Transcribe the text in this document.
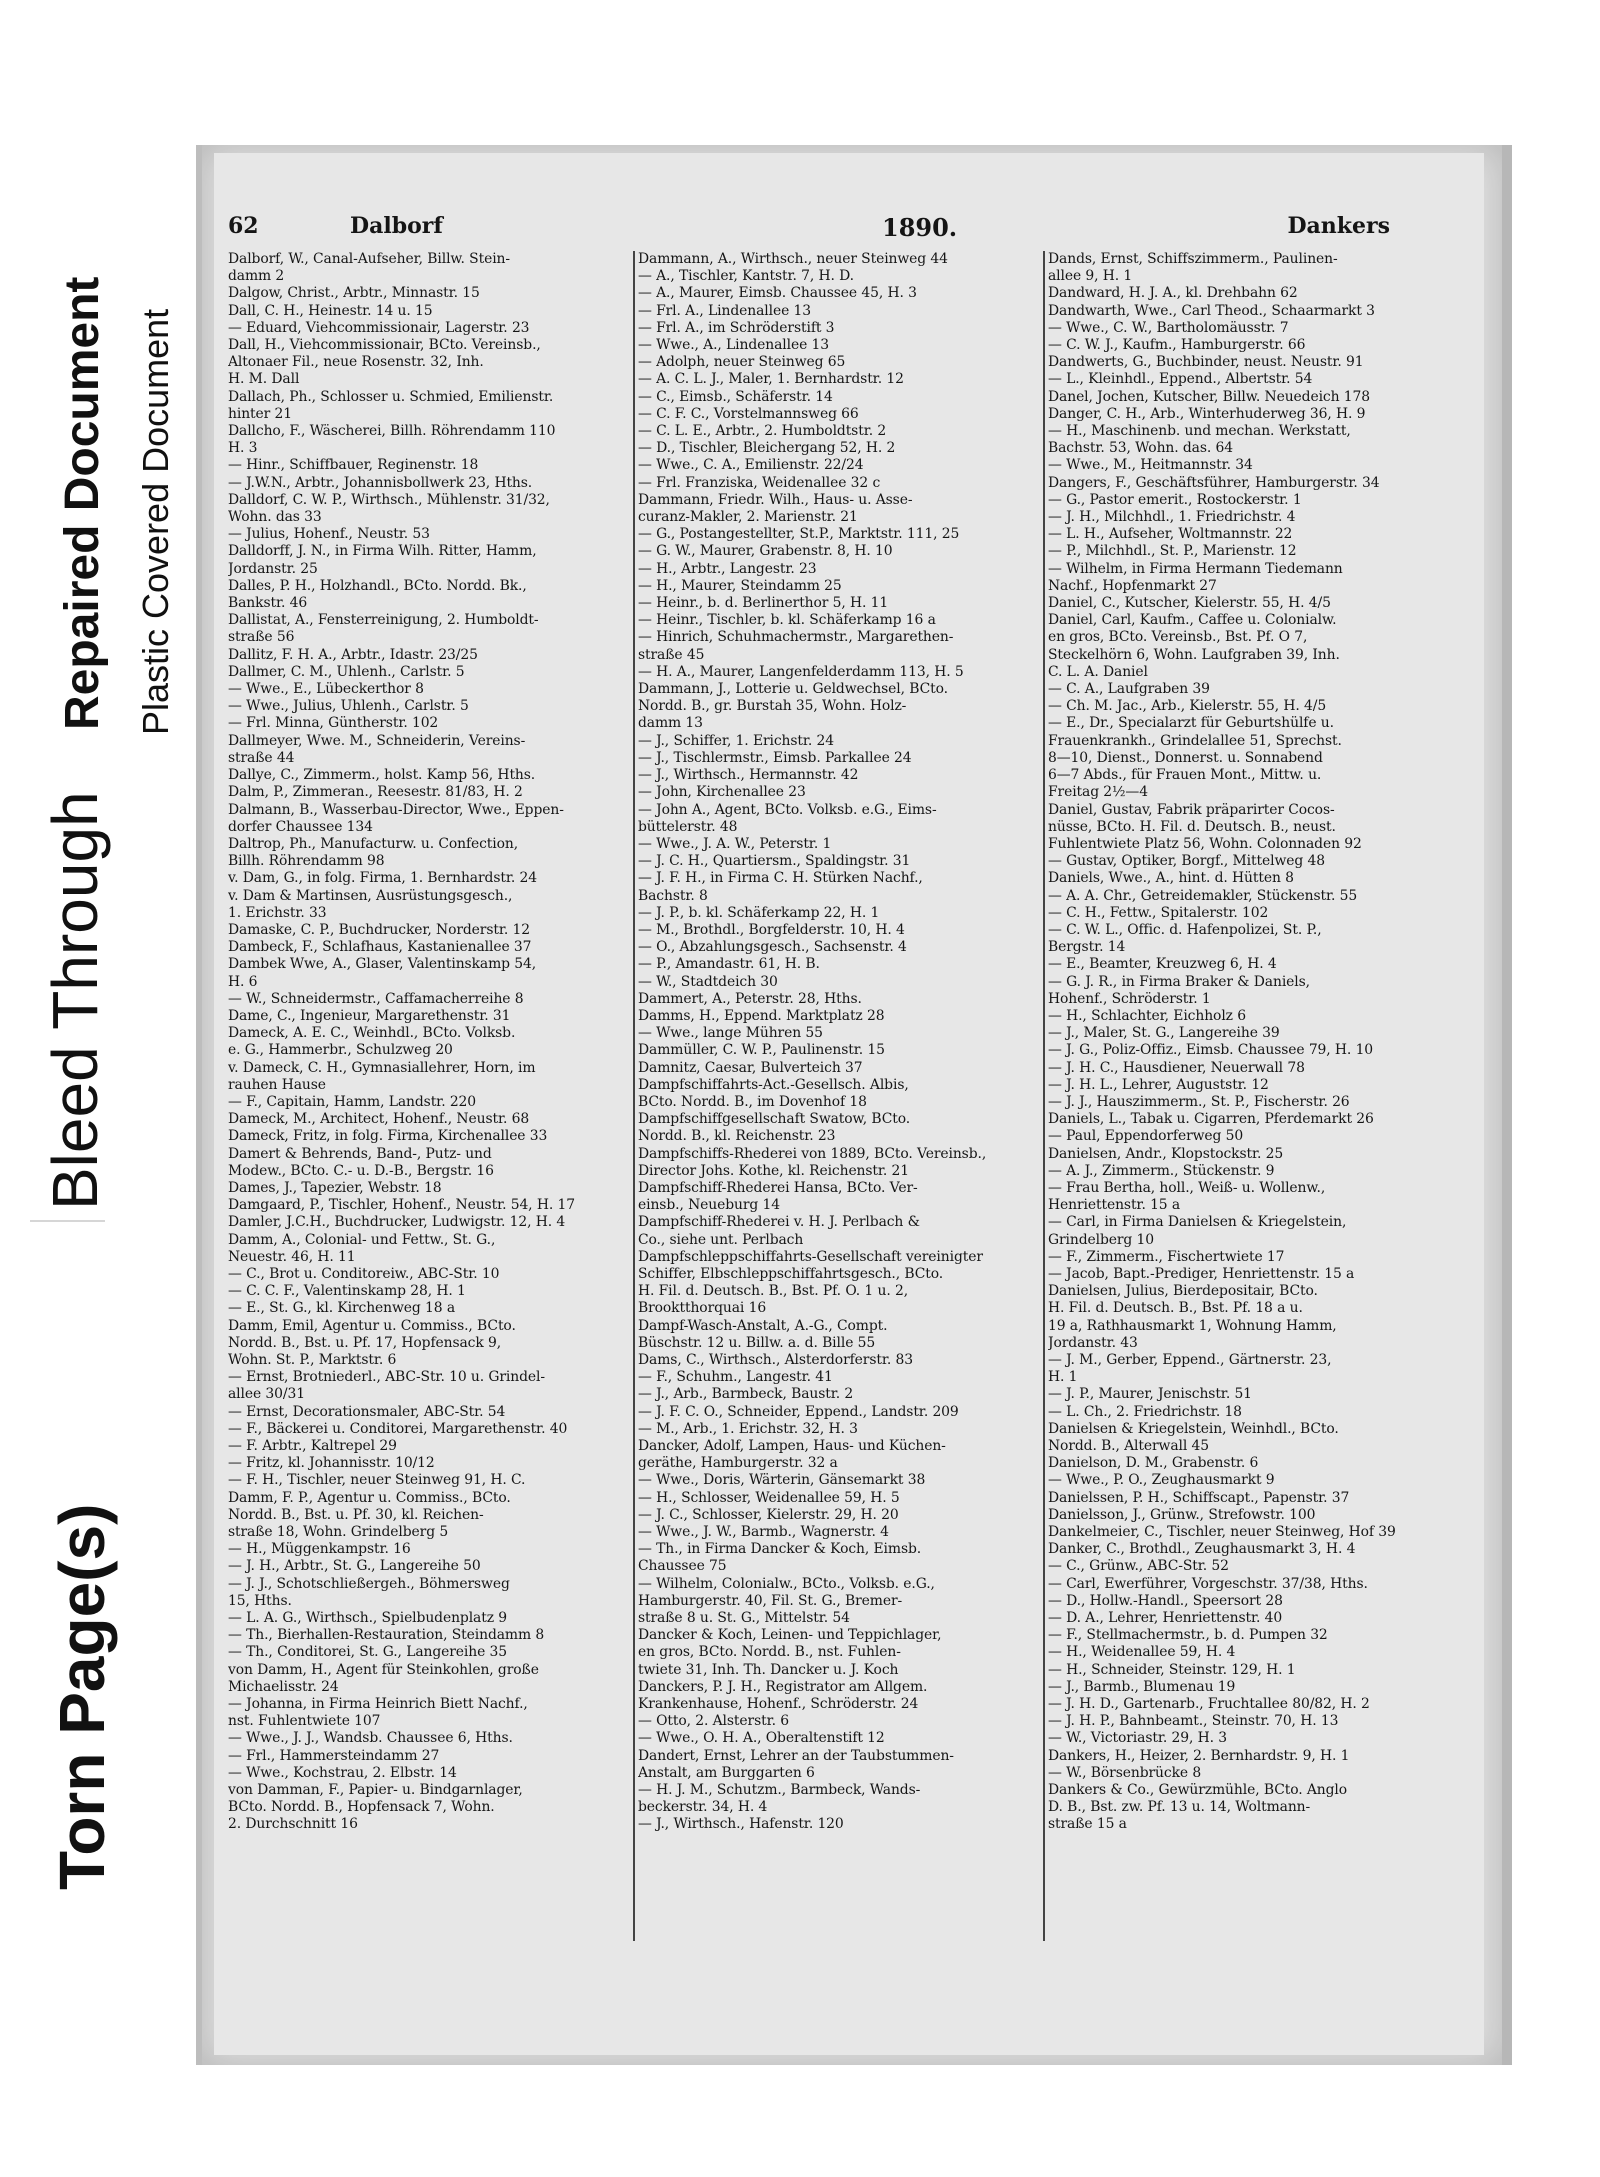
Torn Page(s)
Bleed Through
Repaired Document Plastic Covered Document
62	Dalborf	1890.	Dankers
Dalborf, W., Canal-Aufseher, Billw. Stein-
damm 2
Dalgow, Christ., Arbtr., Minnastr. 15
Dall, C. H., Heinestr. 14 u. 15
— Eduard, Viehcommissionair, Lagerstr. 23
Dall, H., Viehcommissionair, BCto. Vereinsb.,
Altonaer Fil., neue Rosenstr. 32, Inh.
H. M. Dall
Dallach, Ph., Schlosser u. Schmied, Emilienstr.
hinter 21
Dallcho, F., Wäscherei, Billh. Röhrendamm 110
H. 3
— Hinr., Schiffbauer, Reginenstr. 18
— J.W.N., Arbtr., Johannisbollwerk 23, Hths.
Dalldorf, C. W. P., Wirthsch., Mühlenstr. 31/32,
Wohn. das 33
— Julius, Hohenf., Neustr. 53
Dalldorff, J. N., in Firma Wilh. Ritter, Hamm,
Jordanstr. 25
Dalles, P. H., Holzhandl., BCto. Nordd. Bk.,
Bankstr. 46
Dallistat, A., Fensterreinigung, 2. Humboldt-
straße 56
Dallitz, F. H. A., Arbtr., Idastr. 23/25
Dallmer, C. M., Uhlenh., Carlstr. 5
— Wwe., E., Lübeckerthor 8
— Wwe., Julius, Uhlenh., Carlstr. 5
— Frl. Minna, Güntherstr. 102
Dallmeyer, Wwe. M., Schneiderin, Vereins-
straße 44
Dallye, C., Zimmerm., holst. Kamp 56, Hths.
Dalm, P., Zimmeran., Reesestr. 81/83, H. 2
Dalmann, B., Wasserbau-Director, Wwe., Eppen-
dorfer Chaussee 134
Daltrop, Ph., Manufacturw. u. Confection,
Billh. Röhrendamm 98
v. Dam, G., in folg. Firma, 1. Bernhardstr. 24
v. Dam & Martinsen, Ausrüstungsgesch.,
1. Erichstr. 33
Damaske, C. P., Buchdrucker, Norderstr. 12
Dambeck, F., Schlafhaus, Kastanienallee 37
Dambek Wwe, A., Glaser, Valentinskamp 54,
H. 6
— W., Schneidermstr., Caffamacherreihe 8
Dame, C., Ingenieur, Margarethenstr. 31
Dameck, A. E. C., Weinhdl., BCto. Volksb.
e. G., Hammerbr., Schulzweg 20
v. Dameck, C. H., Gymnasiallehrer, Horn, im
rauhen Hause
— F., Capitain, Hamm, Landstr. 220
Dameck, M., Architect, Hohenf., Neustr. 68
Dameck, Fritz, in folg. Firma, Kirchenallee 33
Damert & Behrends, Band-, Putz- und
Modew., BCto. C.- u. D.-B., Bergstr. 16
Dames, J., Tapezier, Webstr. 18
Damgaard, P., Tischler, Hohenf., Neustr. 54, H. 17
Damler, J.C.H., Buchdrucker, Ludwigstr. 12, H. 4
Damm, A., Colonial- und Fettw., St. G.,
Neuestr. 46, H. 11
— C., Brot u. Conditoreiw., ABC-Str. 10
— C. C. F., Valentinskamp 28, H. 1
— E., St. G., kl. Kirchenweg 18 a
Damm, Emil, Agentur u. Commiss., BCto.
Nordd. B., Bst. u. Pf. 17, Hopfensack 9,
Wohn. St. P., Marktstr. 6
— Ernst, Brotniederl., ABC-Str. 10 u. Grindel-
allee 30/31
— Ernst, Decorationsmaler, ABC-Str. 54
— F., Bäckerei u. Conditorei, Margarethenstr. 40
— F. Arbtr., Kaltrepel 29
— Fritz, kl. Johannisstr. 10/12
— F. H., Tischler, neuer Steinweg 91, H. C.
Damm, F. P., Agentur u. Commiss., BCto.
Nordd. B., Bst. u. Pf. 30, kl. Reichen-
straße 18, Wohn. Grindelberg 5
— H., Müggenkampstr. 16
— J. H., Arbtr., St. G., Langereihe 50
— J. J., Schotschließergeh., Böhmersweg
15, Hths.
— L. A. G., Wirthsch., Spielbudenplatz 9
— Th., Bierhallen-Restauration, Steindamm 8
— Th., Conditorei, St. G., Langereihe 35
von Damm, H., Agent für Steinkohlen, große
Michaelisstr. 24
— Johanna, in Firma Heinrich Biett Nachf.,
nst. Fuhlentwiete 107
— Wwe., J. J., Wandsb. Chaussee 6, Hths.
— Frl., Hammersteindamm 27
— Wwe., Kochstrau, 2. Elbstr. 14
von Damman, F., Papier- u. Bindgarnlager,
BCto. Nordd. B., Hopfensack 7, Wohn.
2. Durchschnitt 16
Dammann, A., Wirthsch., neuer Steinweg 44
— A., Tischler, Kantstr. 7, H. D.
— A., Maurer, Eimsb. Chaussee 45, H. 3
— Frl. A., Lindenallee 13
— Frl. A., im Schröderstift 3
— Wwe., A., Lindenallee 13
— Adolph, neuer Steinweg 65
— A. C. L. J., Maler, 1. Bernhardstr. 12
— C., Eimsb., Schäferstr. 14
— C. F. C., Vorstelmannsweg 66
— C. L. E., Arbtr., 2. Humboldtstr. 2
— D., Tischler, Bleichergang 52, H. 2
— Wwe., C. A., Emilienstr. 22/24
— Frl. Franziska, Weidenallee 32 c
Dammann, Friedr. Wilh., Haus- u. Asse-
curanz-Makler, 2. Marienstr. 21
— G., Postangestellter, St.P., Marktstr. 111, 25
— G. W., Maurer, Grabenstr. 8, H. 10
— H., Arbtr., Langestr. 23
— H., Maurer, Steindamm 25
— Heinr., b. d. Berlinerthor 5, H. 11
— Heinr., Tischler, b. kl. Schäferkamp 16 a
— Hinrich, Schuhmachermstr., Margarethen-
straße 45
— H. A., Maurer, Langenfelderdamm 113, H. 5
Dammann, J., Lotterie u. Geldwechsel, BCto.
Nordd. B., gr. Burstah 35, Wohn. Holz-
damm 13
— J., Schiffer, 1. Erichstr. 24
— J., Tischlermstr., Eimsb. Parkallee 24
— J., Wirthsch., Hermannstr. 42
— John, Kirchenallee 23
— John A., Agent, BCto. Volksb. e.G., Eims-
büttelerstr. 48
— Wwe., J. A. W., Peterstr. 1
— J. C. H., Quartiersm., Spaldingstr. 31
— J. F. H., in Firma C. H. Stürken Nachf.,
Bachstr. 8
— J. P., b. kl. Schäferkamp 22, H. 1
— M., Brothdl., Borgfelderstr. 10, H. 4
— O., Abzahlungsgesch., Sachsenstr. 4
— P., Amandastr. 61, H. B.
— W., Stadtdeich 30
Dammert, A., Peterstr. 28, Hths.
Damms, H., Eppend. Marktplatz 28
— Wwe., lange Mühren 55
Dammüller, C. W. P., Paulinenstr. 15
Damnitz, Caesar, Bulverteich 37
Dampfschiffahrts-Act.-Gesellsch. Albis,
BCto. Nordd. B., im Dovenhof 18
Dampfschiffgesellschaft Swatow, BCto.
Nordd. B., kl. Reichenstr. 23
Dampfschiffs-Rhederei von 1889, BCto. Vereinsb.,
Director Johs. Kothe, kl. Reichenstr. 21
Dampfschiff-Rhederei Hansa, BCto. Ver-
einsb., Neueburg 14
Dampfschiff-Rhederei v. H. J. Perlbach &
Co., siehe unt. Perlbach
Dampfschleppschiffahrts-Gesellschaft vereinigter
Schiffer, Elbschleppschiffahrtsgesch., BCto.
H. Fil. d. Deutsch. B., Bst. Pf. O. 1 u. 2,
Brooktthorquai 16
Dampf-Wasch-Anstalt, A.-G., Compt.
Büschstr. 12 u. Billw. a. d. Bille 55
Dams, C., Wirthsch., Alsterdorferstr. 83
— F., Schuhm., Langestr. 41
— J., Arb., Barmbeck, Baustr. 2
— J. F. C. O., Schneider, Eppend., Landstr. 209
— M., Arb., 1. Erichstr. 32, H. 3
Dancker, Adolf, Lampen, Haus- und Küchen-
geräthe, Hamburgerstr. 32 a
— Wwe., Doris, Wärterin, Gänsemarkt 38
— H., Schlosser, Weidenallee 59, H. 5
— J. C., Schlosser, Kielerstr. 29, H. 20
— Wwe., J. W., Barmb., Wagnerstr. 4
— Th., in Firma Dancker & Koch, Eimsb.
Chaussee 75
— Wilhelm, Colonialw., BCto., Volksb. e.G.,
Hamburgerstr. 40, Fil. St. G., Bremer-
straße 8 u. St. G., Mittelstr. 54
Dancker & Koch, Leinen- und Teppichlager,
en gros, BCto. Nordd. B., nst. Fuhlen-
twiete 31, Inh. Th. Dancker u. J. Koch
Danckers, P. J. H., Registrator am Allgem.
Krankenhause, Hohenf., Schröderstr. 24
— Otto, 2. Alsterstr. 6
— Wwe., O. H. A., Oberaltenstift 12
Dandert, Ernst, Lehrer an der Taubstummen-
Anstalt, am Burggarten 6
— H. J. M., Schutzm., Barmbeck, Wands-
beckerstr. 34, H. 4
— J., Wirthsch., Hafenstr. 120
Dands, Ernst, Schiffszimmerm., Paulinen-
allee 9, H. 1
Dandward, H. J. A., kl. Drehbahn 62
Dandwarth, Wwe., Carl Theod., Schaarmarkt 3
— Wwe., C. W., Bartholomäusstr. 7
— C. W. J., Kaufm., Hamburgerstr. 66
Dandwerts, G., Buchbinder, neust. Neustr. 91
— L., Kleinhdl., Eppend., Albertstr. 54
Danel, Jochen, Kutscher, Billw. Neuedeich 178
Danger, C. H., Arb., Winterhuderweg 36, H. 9
— H., Maschinenb. und mechan. Werkstatt,
Bachstr. 53, Wohn. das. 64
— Wwe., M., Heitmannstr. 34
Dangers, F., Geschäftsführer, Hamburgerstr. 34
— G., Pastor emerit., Rostockerstr. 1
— J. H., Milchhdl., 1. Friedrichstr. 4
— L. H., Aufseher, Woltmannstr. 22
— P., Milchhdl., St. P., Marienstr. 12
— Wilhelm, in Firma Hermann Tiedemann
Nachf., Hopfenmarkt 27
Daniel, C., Kutscher, Kielerstr. 55, H. 4/5
Daniel, Carl, Kaufm., Caffee u. Colonialw.
en gros, BCto. Vereinsb., Bst. Pf. O 7,
Steckelhörn 6, Wohn. Laufgraben 39, Inh.
C. L. A. Daniel
— C. A., Laufgraben 39
— Ch. M. Jac., Arb., Kielerstr. 55, H. 4/5
— E., Dr., Specialarzt für Geburtshülfe u.
Frauenkrankh., Grindelallee 51, Sprechst.
8—10, Dienst., Donnerst. u. Sonnabend
6—7 Abds., für Frauen Mont., Mittw. u.
Freitag 2½—4
Daniel, Gustav, Fabrik präparirter Cocos-
nüsse, BCto. H. Fil. d. Deutsch. B., neust.
Fuhlentwiete Platz 56, Wohn. Colonnaden 92
— Gustav, Optiker, Borgf., Mittelweg 48
Daniels, Wwe., A., hint. d. Hütten 8
— A. A. Chr., Getreidemakler, Stückenstr. 55
— C. H., Fettw., Spitalerstr. 102
— C. W. L., Offic. d. Hafenpolizei, St. P.,
Bergstr. 14
— E., Beamter, Kreuzweg 6, H. 4
— G. J. R., in Firma Braker & Daniels,
Hohenf., Schröderstr. 1
— H., Schlachter, Eichholz 6
— J., Maler, St. G., Langereihe 39
— J. G., Poliz-Offiz., Eimsb. Chaussee 79, H. 10
— J. H. C., Hausdiener, Neuerwall 78
— J. H. L., Lehrer, Auguststr. 12
— J. J., Hauszimmerm., St. P., Fischerstr. 26
Daniels, L., Tabak u. Cigarren, Pferdemarkt 26
— Paul, Eppendorferweg 50
Danielsen, Andr., Klopstockstr. 25
— A. J., Zimmerm., Stückenstr. 9
— Frau Bertha, holl., Weiß- u. Wollenw.,
Henriettenstr. 15 a
— Carl, in Firma Danielsen & Kriegelstein,
Grindelberg 10
— F., Zimmerm., Fischertwiete 17
— Jacob, Bapt.-Prediger, Henriettenstr. 15 a
Danielsen, Julius, Bierdepositair, BCto.
H. Fil. d. Deutsch. B., Bst. Pf. 18 a u.
19 a, Rathhausmarkt 1, Wohnung Hamm,
Jordanstr. 43
— J. M., Gerber, Eppend., Gärtnerstr. 23,
H. 1
— J. P., Maurer, Jenischstr. 51
— L. Ch., 2. Friedrichstr. 18
Danielsen & Kriegelstein, Weinhdl., BCto.
Nordd. B., Alterwall 45
Danielson, D. M., Grabenstr. 6
— Wwe., P. O., Zeughausmarkt 9
Danielssen, P. H., Schiffscapt., Papenstr. 37
Danielsson, J., Grünw., Strefowstr. 100
Dankelmeier, C., Tischler, neuer Steinweg, Hof 39
Danker, C., Brothdl., Zeughausmarkt 3, H. 4
— C., Grünw., ABC-Str. 52
— Carl, Ewerführer, Vorgeschstr. 37/38, Hths.
— D., Hollw.-Handl., Speersort 28
— D. A., Lehrer, Henriettenstr. 40
— F., Stellmachermstr., b. d. Pumpen 32
— H., Weidenallee 59, H. 4
— H., Schneider, Steinstr. 129, H. 1
— J., Barmb., Blumenau 19
— J. H. D., Gartenarb., Fruchtallee 80/82, H. 2
— J. H. P., Bahnbeamt., Steinstr. 70, H. 13
— W., Victoriastr. 29, H. 3
Dankers, H., Heizer, 2. Bernhardstr. 9, H. 1
— W., Börsenbrücke 8
Dankers & Co., Gewürzmühle, BCto. Anglo
D. B., Bst. zw. Pf. 13 u. 14, Woltmann-
straße 15 a
